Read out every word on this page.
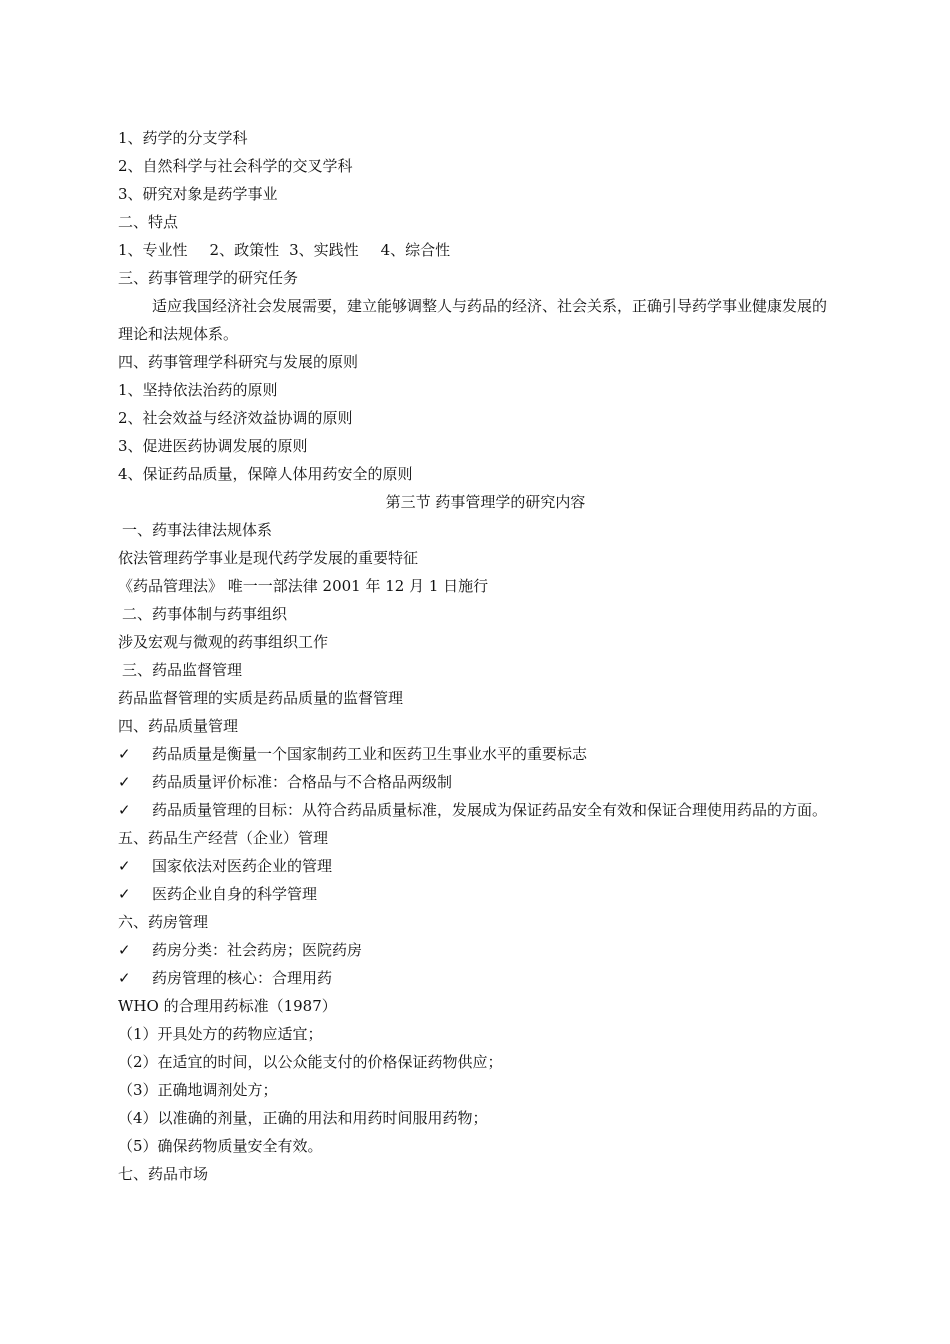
1、药学的分支学科
2、自然科学与社会科学的交叉学科
3、研究对象是药学事业
二、特点
1、专业性 2、政策性 3、实践性 4、综合性
三、药事管理学的研究任务
适应我国经济社会发展需要，建立能够调整人与药品的经济、社会关系，正确引导药学事业健康发展的理论和法规体系。
四、药事管理学科研究与发展的原则
1、坚持依法治药的原则
2、社会效益与经济效益协调的原则
3、促进医药协调发展的原则
4、保证药品质量，保障人体用药安全的原则
第三节 药事管理学的研究内容
一、药事法律法规体系
依法管理药学事业是现代药学发展的重要特征
《药品管理法》 唯一一部法律 2001 年 12 月 1 日施行
二、药事体制与药事组织
涉及宏观与微观的药事组织工作
三、药品监督管理
药品监督管理的实质是药品质量的监督管理
四、药品质量管理
✓	药品质量是衡量一个国家制药工业和医药卫生事业水平的重要标志
✓	药品质量评价标准：合格品与不合格品两级制
✓	药品质量管理的目标：从符合药品质量标准，发展成为保证药品安全有效和保证合理使用药品的方面。
五、药品生产经营（企业）管理
✓	国家依法对医药企业的管理
✓	医药企业自身的科学管理
六、药房管理
✓	药房分类：社会药房；医院药房
✓	药房管理的核心：合理用药
WHO 的合理用药标准（1987）
（1）开具处方的药物应适宜；
（2）在适宜的时间，以公众能支付的价格保证药物供应；
（3）正确地调剂处方；
（4）以准确的剂量，正确的用法和用药时间服用药物；
（5）确保药物质量安全有效。
七、药品市场
